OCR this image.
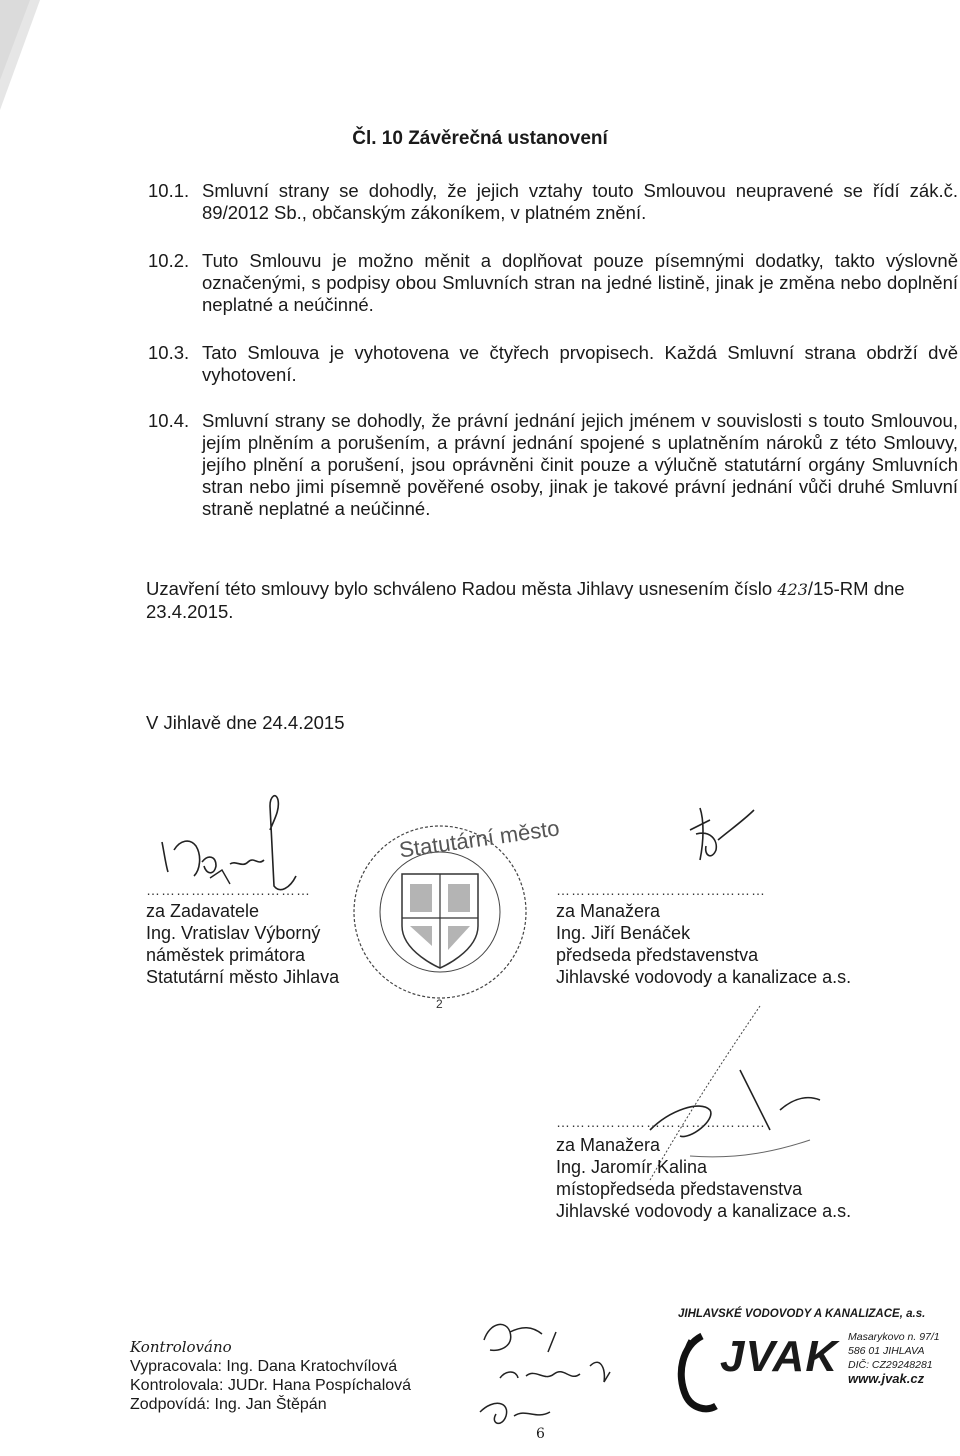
Čl. 10 Závěrečná ustanovení
10.1. Smluvní strany se dohodly, že jejich vztahy touto Smlouvou neupravené se řídí zák.č. 89/2012 Sb., občanským zákoníkem, v platném znění.
10.2. Tuto Smlouvu je možno měnit a doplňovat pouze písemnými dodatky, takto výslovně označenými, s podpisy obou Smluvních stran na jedné listině, jinak je změna nebo doplnění neplatné a neúčinné.
10.3. Tato Smlouva je vyhotovena ve čtyřech prvopisech. Každá Smluvní strana obdrží dvě vyhotovení.
10.4. Smluvní strany se dohodly, že právní jednání jejich jménem v souvislosti s touto Smlouvou, jejím plněním a porušením, a právní jednání spojené s uplatněním nároků z této Smlouvy, jejího plnění a porušení, jsou oprávněni činit pouze a výlučně statutární orgány Smluvních stran nebo jimi písemně pověřené osoby, jinak je takové právní jednání vůči druhé Smluvní straně neplatné a neúčinné.
Uzavření této smlouvy bylo schváleno Radou města Jihlavy usnesením číslo 423/15-RM dne 23.4.2015.
V Jihlavě dne 24.4.2015
……………………………	……………………………………
Statutární město
2
za Zadavatele
Ing. Vratislav Výborný
náměstek primátora
Statutární město Jihlava
za Manažera
Ing. Jiří Benáček
předseda představenstva
Jihlavské vodovody a kanalizace a.s.
……………………………………
za Manažera
Ing. Jaromír Kalina
místopředseda představenstva
Jihlavské vodovody a kanalizace a.s.
Kontrolováno
Vypracovala: Ing. Dana Kratochvílová
Kontrolovala: JUDr. Hana Pospíchalová
Zodpovídá: Ing. Jan Štěpán
JIHLAVSKÉ VODOVODY A KANALIZACE, a.s.
JVAK Masarykovo n. 97/1
586 01 JIHLAVA
DIČ: CZ29248281
www.jvak.cz
6
